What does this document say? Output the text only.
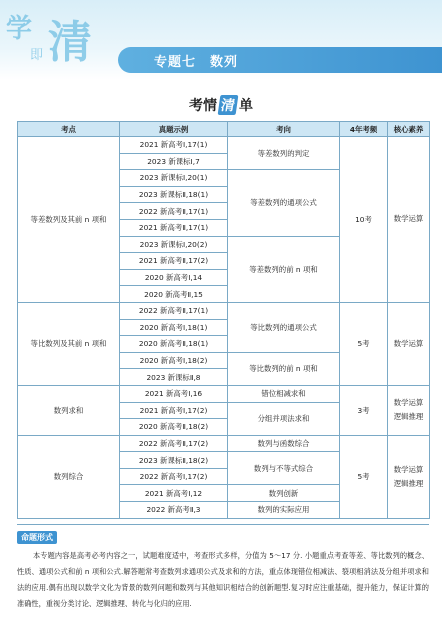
学
即 清	专题七 数列
考情 清 单
考点	真题示例	考向	4年考频	核心素养
等差数列及其前 n 项和	2021 新高考Ⅰ,17(1)	等差数列的判定	10考	数学运算

	2023 新课标Ⅰ,7			
	2023 新课标Ⅰ,20(1)	等差数列的通项公式		
	2023 新课标Ⅱ,18(1)			
	2022 新高考Ⅱ,17(1)			
	2021 新高考Ⅱ,17(1)			
	2023 新课标Ⅰ,20(2)	等差数列的前 n 项和		
	2021 新高考Ⅱ,17(2)			
	2020 新高考Ⅰ,14			
	2020 新高考Ⅱ,15			
等比数列及其前 n 项和	2022 新高考Ⅱ,17(1)	等比数列的通项公式	5考	数学运算

	2020 新高考Ⅰ,18(1)			
	2020 新高考Ⅱ,18(1)			
	2020 新高考Ⅰ,18(2)	等比数列的前 n 项和		
	2023 新课标Ⅱ,8			
数列求和	2021 新高考Ⅰ,16	错位相减求和	3考	数学运算
逻辑推理

	2021 新高考Ⅰ,17(2)	分组并项法求和		
	2020 新高考Ⅱ,18(2)			
数列综合	2022 新高考Ⅱ,17(2)	数列与函数综合	5考	数学运算
逻辑推理

	2023 新课标Ⅱ,18(2)	数列与不等式综合		
	2022 新高考Ⅰ,17(2)			
	2021 新高考Ⅰ,12	数列创新		
	2022 新高考Ⅱ,3	数列的实际应用		
命题形式
本专题内容是高考必考内容之一，试题难度适中，考查形式多样，分值为 5～17 分. 小题重点考查等差、等比数列的概念、性质、通项公式和前 n 项和公式.解答题常考查数列求通项公式及求和的方法，重点体现错位相减法、裂项相消法及分组并项求和法的应用.偶有出现以数学文化为背景的数列问题和数列与其他知识相结合的创新题型.复习时应注重基础，提升能力，保证计算的准确性，重视分类讨论、逻辑推理、转化与化归的应用.
